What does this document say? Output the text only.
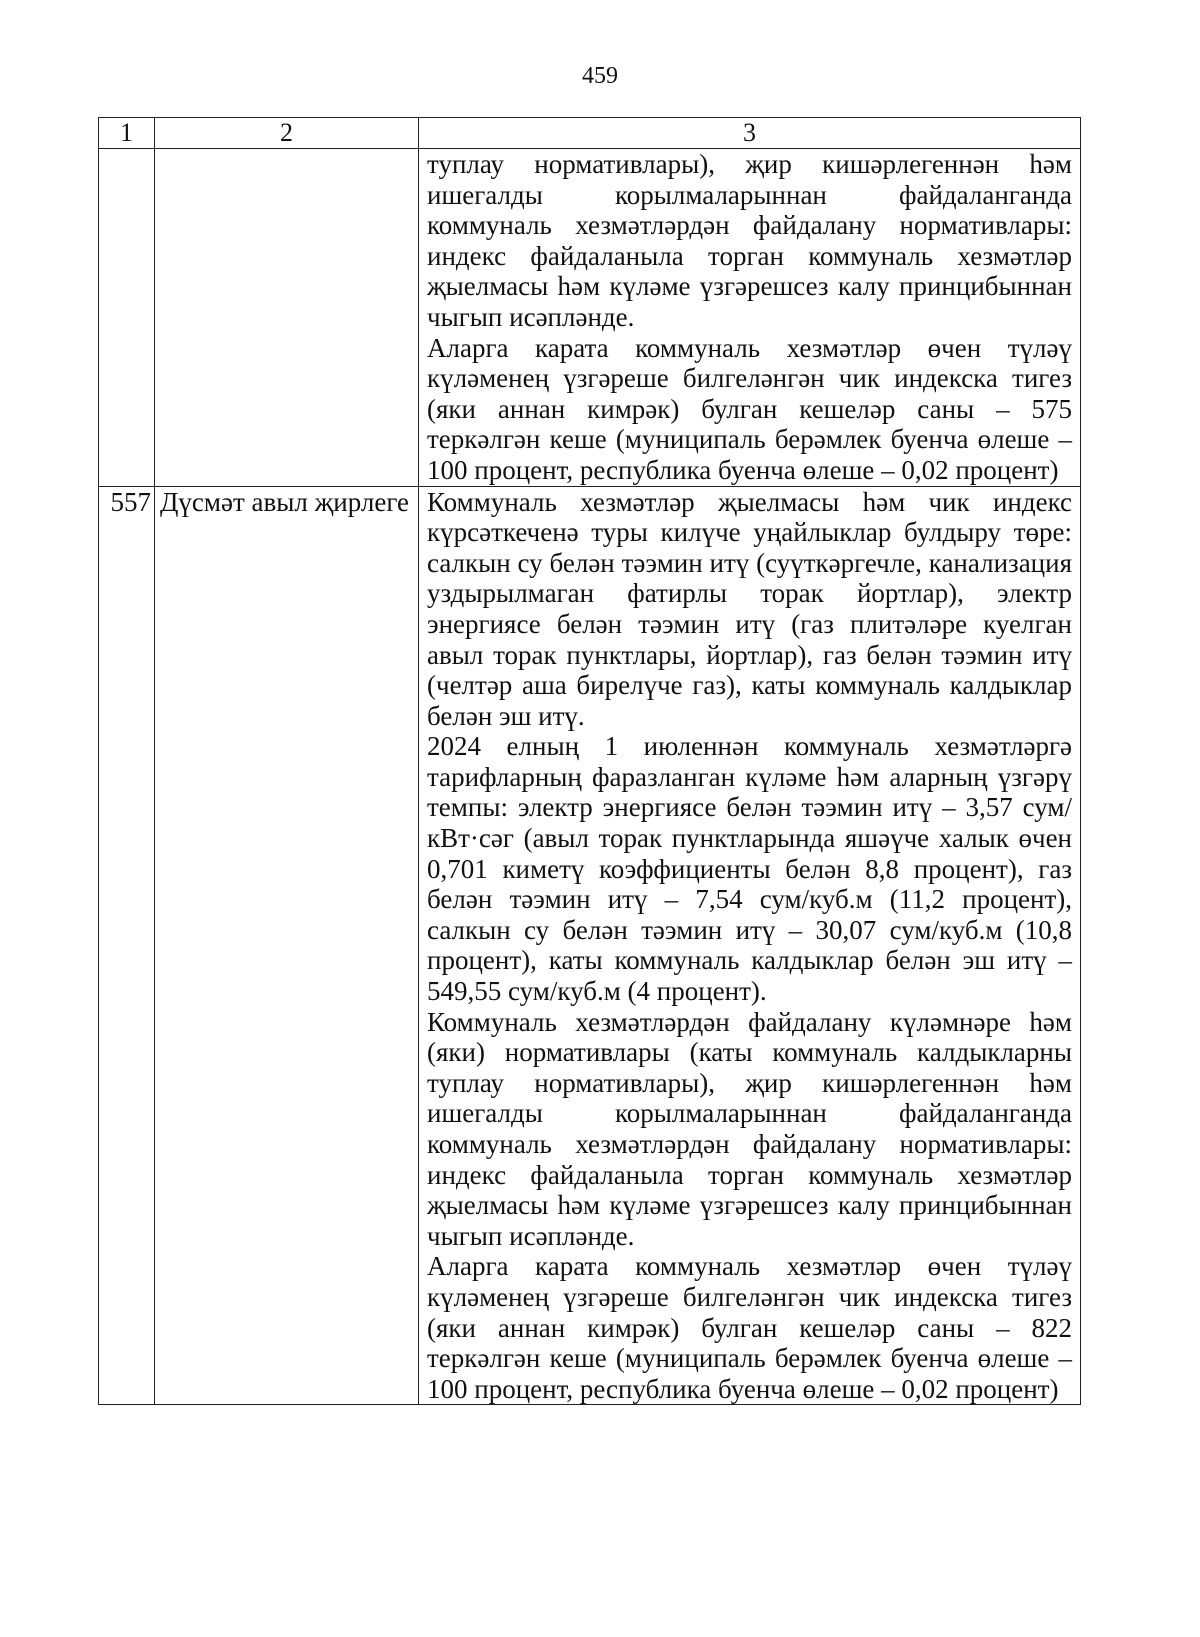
459
1	2	3

		туплау нормативлары), җир кишәрлегеннән һәм ишегалды корылмаларыннан файдаланганда коммуналь хезмәтләрдән файдалану нормативлары: индекс файдаланыла торган коммуналь хезмәтләр җыелмасы һәм күләме үзгәрешсез калу принцибыннан чыгып исәпләнде.

Аларга карата коммуналь хезмәтләр өчен түләү күләменең үзгәреше билгеләнгән чик индекска тигез (яки аннан кимрәк) булган кешеләр саны – 575 теркәлгән кеше (муниципаль берәмлек буенча өлеше – 100 процент, республика буенча өлеше – 0,02 процент)

557	Дүсмәт авыл җирлеге	Коммуналь хезмәтләр җыелмасы һәм чик индекс күрсәткеченә туры килүче уңайлыклар булдыру төре: салкын су белән тәэмин итү (суүткәргечле, канализация уздырылмаган фатирлы торак йортлар), электр энергиясе белән тәэмин итү (газ плитәләре куелган авыл торак пунктлары, йортлар), газ белән тәэмин итү (челтәр аша бирелүче газ), каты коммуналь калдыклар белән эш итү.

2024 елның 1 июленнән коммуналь хезмәтләргә тарифларның фаразланган күләме һәм аларның үзгәрү темпы: электр энергиясе белән тәэмин итү – 3,57 сум/кВт·сәг (авыл торак пунктларында яшәүче халык өчен 0,701 киметү коэффициенты белән 8,8 процент), газ белән тәэмин итү – 7,54 сум/куб.м (11,2 процент), салкын су белән тәэмин итү – 30,07 сум/куб.м (10,8 процент), каты коммуналь калдыклар белән эш итү – 549,55 сум/куб.м (4 процент).

Коммуналь хезмәтләрдән файдалану күләмнәре һәм (яки) нормативлары (каты коммуналь калдыкларны туплау нормативлары), җир кишәрлегеннән һәм ишегалды корылмаларыннан файдаланганда коммуналь хезмәтләрдән файдалану нормативлары: индекс файдаланыла торган коммуналь хезмәтләр җыелмасы һәм күләме үзгәрешсез калу принцибыннан чыгып исәпләнде.

Аларга карата коммуналь хезмәтләр өчен түләү күләменең үзгәреше билгеләнгән чик индекска тигез (яки аннан кимрәк) булган кешеләр саны – 822 теркәлгән кеше (муниципаль берәмлек буенча өлеше – 100 процент, республика буенча өлеше – 0,02 процент)
